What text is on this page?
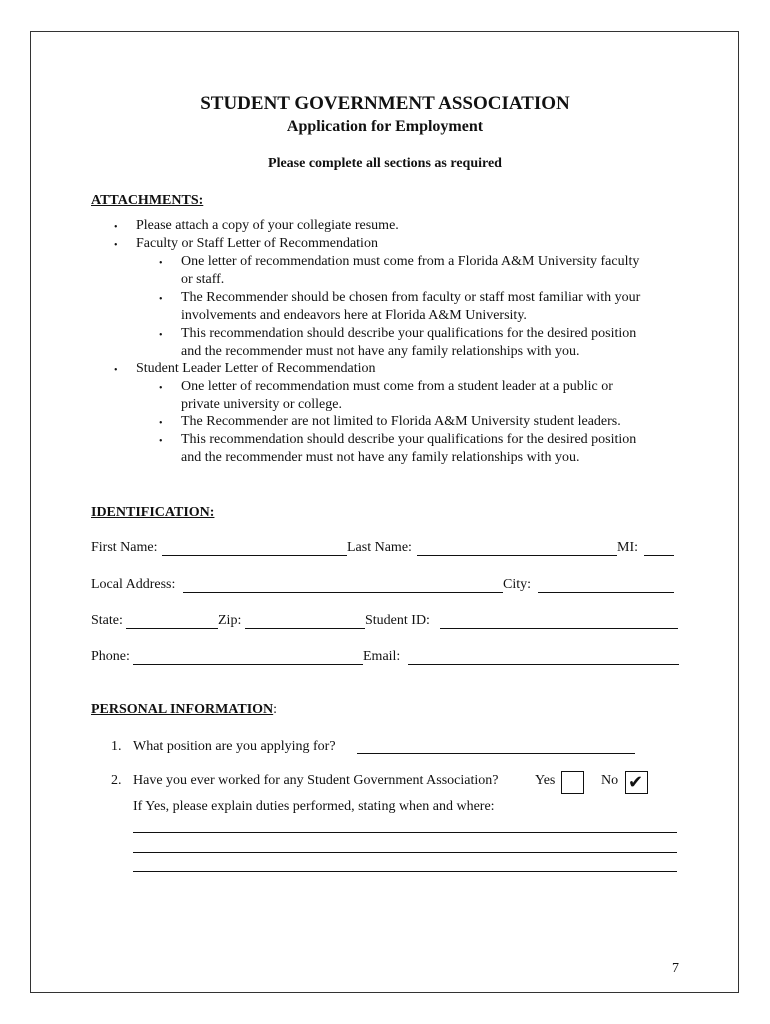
STUDENT GOVERNMENT ASSOCIATION
Application for Employment
Please complete all sections as required
ATTACHMENTS:
• Please attach a copy of your collegiate resume.
• Faculty or Staff Letter of Recommendation
• One letter of recommendation must come from a Florida A&M University faculty
or staff.
• The Recommender should be chosen from faculty or staff most familiar with your
involvements and endeavors here at Florida A&M University.
• This recommendation should describe your qualifications for the desired position
and the recommender must not have any family relationships with you.
• Student Leader Letter of Recommendation
• One letter of recommendation must come from a student leader at a public or
private university or college.
• The Recommender are not limited to Florida A&M University student leaders.
• This recommendation should describe your qualifications for the desired position
and the recommender must not have any family relationships with you.
IDENTIFICATION:
First Name:	Last Name:	MI:
Local Address:	City:
State:	Zip:	Student ID:
Phone:	Email:
PERSONAL INFORMATION:
1. What position are you applying for?
2. Have you ever worked for any Student Government Association?	Yes	No ✔
If Yes, please explain duties performed, stating when and where:
7
